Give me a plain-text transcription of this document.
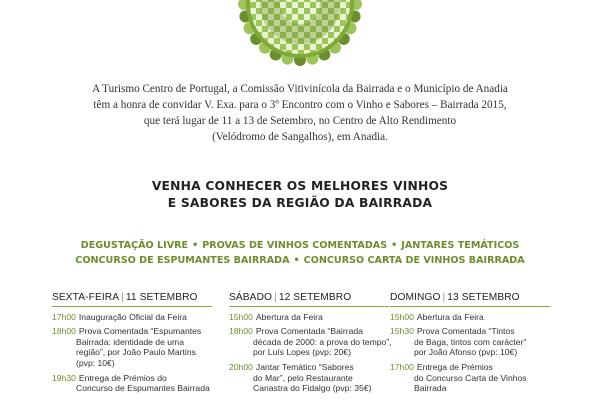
A Turismo Centro de Portugal, a Comissão Vitivinícola da Bairrada e o Município de Anadia
têm a honra de convidar V. Exa. para o 3º Encontro com o Vinho e Sabores – Bairrada 2015,
que terá lugar de 11 a 13 de Setembro, no Centro de Alto Rendimento
(Velódromo de Sangalhos), em Anadia.
VENHA CONHECER OS MELHORES VINHOS
E SABORES DA REGIÃO DA BAIRRADA
DEGUSTAÇÃO LIVRE • PROVAS DE VINHOS COMENTADAS • JANTARES TEMÁTICOS
CONCURSO DE ESPUMANTES BAIRRADA • CONCURSO CARTA DE VINHOS BAIRRADA
SEXTA-FEIRA | 11 SETEMBRO
17h00 Inauguração Oficial da Feira
18h00 Prova Comentada “Espumantes
Bairrada: identidade de uma
região”, por João Paulo Martins
(pvp: 10€)
19h30 Entrega de Prémios do
Concurso de Espumantes Bairrada
SÁBADO | 12 SETEMBRO
15h00 Abertura da Feira
18h00 Prova Comentada “Bairrada
década de 2000: a prova do tempo”,
por Luís Lopes (pvp: 20€)
20h00 Jantar Temático “Sabores
do Mar”, pelo Restaurante
Canastra do Fidalgo (pvp: 35€)
DOMINGO | 13 SETEMBRO
15h00 Abertura da Feira
15h30 Prova Comentada “Tintos
de Baga, tintos com carácter”
por João Afonso (pvp: 10€)
17h00 Entrega de Prémios
do Concurso Carta de Vinhos
Bairrada
